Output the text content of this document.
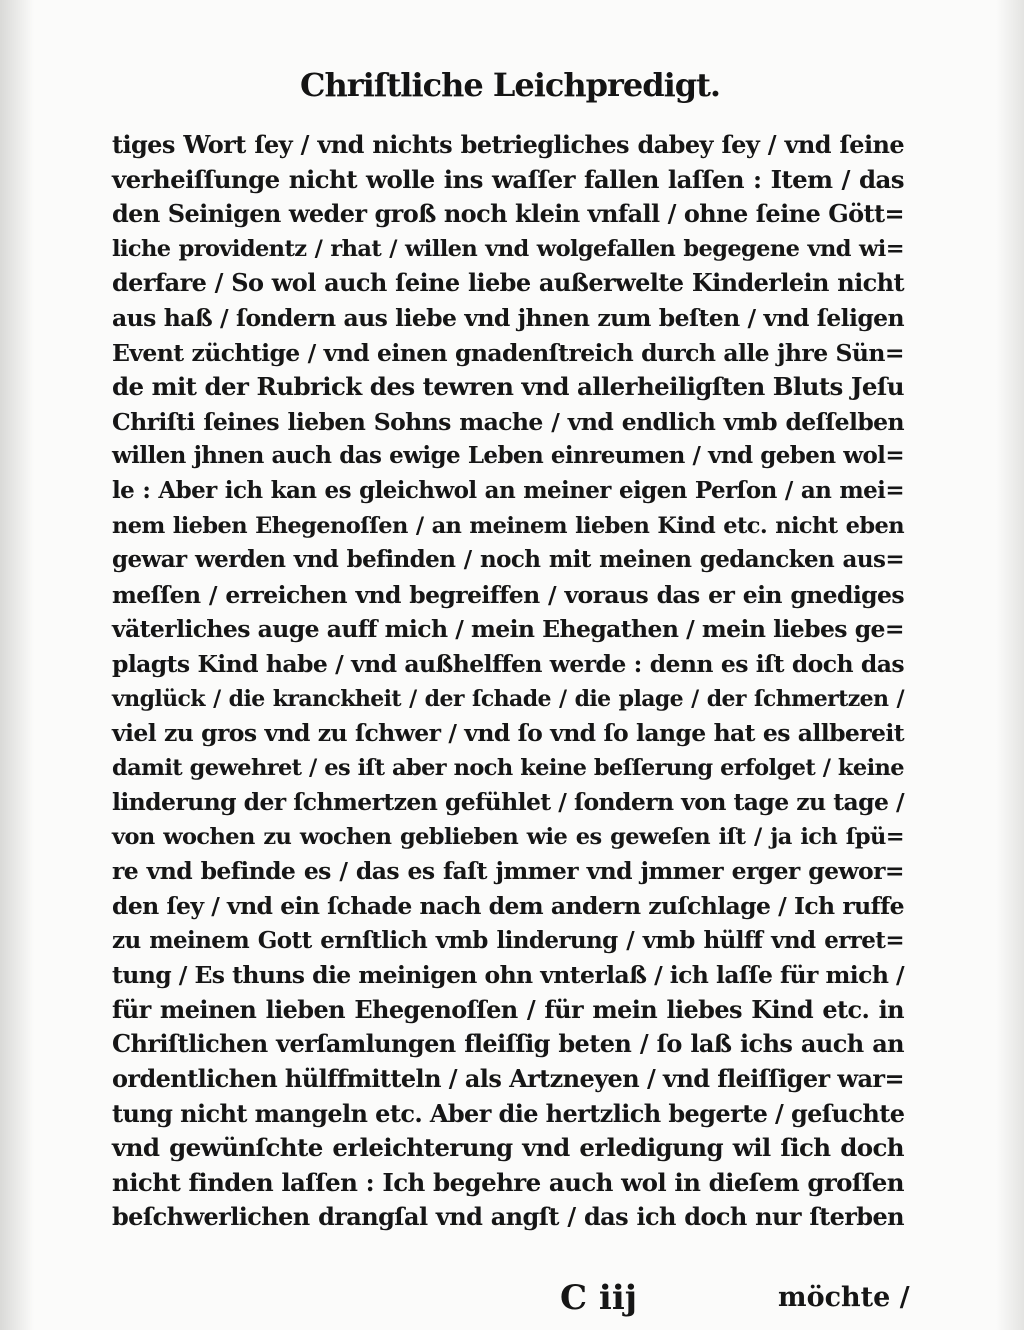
Chriſtliche Leichpredigt.
tiges Wort ſey / vnd nichts betriegliches dabey ſey / vnd ſeine
verheiſſunge nicht wolle ins waſſer fallen laſſen : Item / das
den Seinigen weder groß noch klein vnfall / ohne ſeine Gött=
liche providentz / rhat / willen vnd wolgefallen begegene vnd wi=
derfare / So wol auch ſeine liebe außerwelte Kinderlein nicht
aus haß / ſondern aus liebe vnd jhnen zum beſten / vnd ſeligen
Event züchtige / vnd einen gnadenſtreich durch alle jhre Sün=
de mit der Rubrick des tewren vnd allerheiligſten Bluts Jeſu
Chriſti ſeines lieben Sohns mache / vnd endlich vmb deſſelben
willen jhnen auch das ewige Leben einreumen / vnd geben wol=
le : Aber ich kan es gleichwol an meiner eigen Perſon / an mei=
nem lieben Ehegenoſſen / an meinem lieben Kind etc. nicht eben
gewar werden vnd befinden / noch mit meinen gedancken aus=
meſſen / erreichen vnd begreiffen / voraus das er ein gnediges
väterliches auge auff mich / mein Ehegathen / mein liebes ge=
plagts Kind habe / vnd außhelffen werde : denn es iſt doch das
vnglück / die kranckheit / der ſchade / die plage / der ſchmertzen /
viel zu gros vnd zu ſchwer / vnd ſo vnd ſo lange hat es allbereit
damit gewehret / es iſt aber noch keine beſſerung erfolget / keine
linderung der ſchmertzen gefühlet / ſondern von tage zu tage /
von wochen zu wochen geblieben wie es geweſen iſt / ja ich ſpü=
re vnd befinde es / das es faſt jmmer vnd jmmer erger gewor=
den ſey / vnd ein ſchade nach dem andern zuſchlage / Ich ruffe
zu meinem Gott ernſtlich vmb linderung / vmb hülff vnd erret=
tung / Es thuns die meinigen ohn vnterlaß / ich laſſe für mich /
für meinen lieben Ehegenoſſen / für mein liebes Kind etc. in
Chriſtlichen verſamlungen fleiſſig beten / ſo laß ichs auch an
ordentlichen hülffmitteln / als Artzneyen / vnd fleiſſiger war=
tung nicht mangeln etc. Aber die hertzlich begerte / geſuchte
vnd gewünſchte erleichterung vnd erledigung wil ſich doch
nicht finden laſſen : Ich begehre auch wol in dieſem groſſen
beſchwerlichen drangſal vnd angſt / das ich doch nur ſterben
C iij	möchte /
